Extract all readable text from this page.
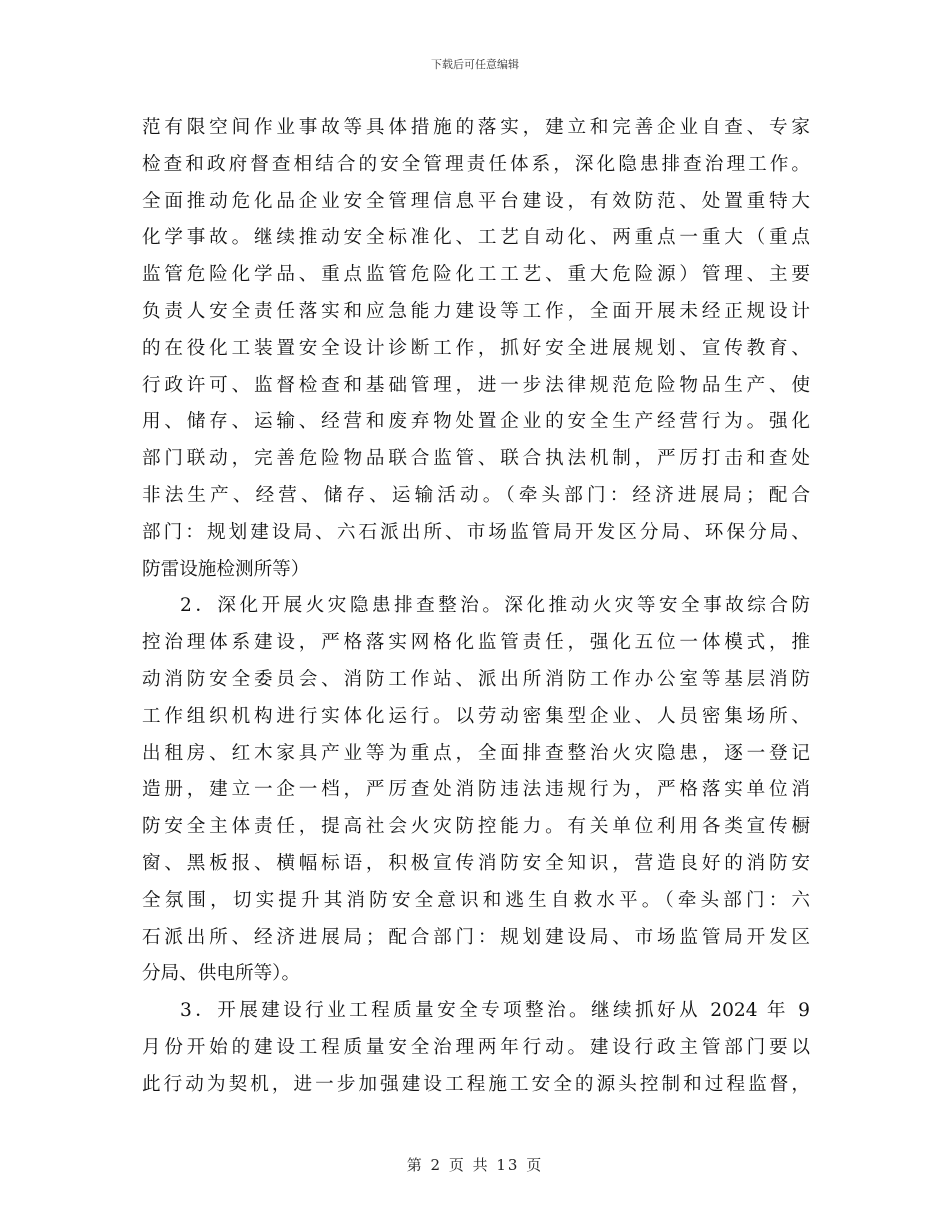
下载后可任意编辑
范有限空间作业事故等具体措施的落实，建立和完善企业自查、专家
检查和政府督查相结合的安全管理责任体系，深化隐患排查治理工作。
全面推动危化品企业安全管理信息平台建设，有效防范、处置重特大
化学事故。继续推动安全标准化、工艺自动化、两重点一重大（重点
监管危险化学品、重点监管危险化工工艺、重大危险源）管理、主要
负责人安全责任落实和应急能力建设等工作，全面开展未经正规设计
的在役化工装置安全设计诊断工作，抓好安全进展规划、宣传教育、
行政许可、监督检查和基础管理，进一步法律规范危险物品生产、使
用、储存、运输、经营和废弃物处置企业的安全生产经营行为。强化
部门联动，完善危险物品联合监管、联合执法机制，严厉打击和查处
非法生产、经营、储存、运输活动。（牵头部门：经济进展局；配合
部门：规划建设局、六石派出所、市场监管局开发区分局、环保分局、
防雷设施检测所等）
2．深化开展火灾隐患排查整治。深化推动火灾等安全事故综合防
控治理体系建设，严格落实网格化监管责任，强化五位一体模式，推
动消防安全委员会、消防工作站、派出所消防工作办公室等基层消防
工作组织机构进行实体化运行。以劳动密集型企业、人员密集场所、
出租房、红木家具产业等为重点，全面排查整治火灾隐患，逐一登记
造册，建立一企一档，严厉查处消防违法违规行为，严格落实单位消
防安全主体责任，提高社会火灾防控能力。有关单位利用各类宣传橱
窗、黑板报、横幅标语，积极宣传消防安全知识，营造良好的消防安
全氛围，切实提升其消防安全意识和逃生自救水平。（牵头部门：六
石派出所、经济进展局；配合部门：规划建设局、市场监管局开发区
分局、供电所等）。
3．开展建设行业工程质量安全专项整治。继续抓好从 2024 年 9
月份开始的建设工程质量安全治理两年行动。建设行政主管部门要以
此行动为契机，进一步加强建设工程施工安全的源头控制和过程监督，
第 2 页 共 13 页
